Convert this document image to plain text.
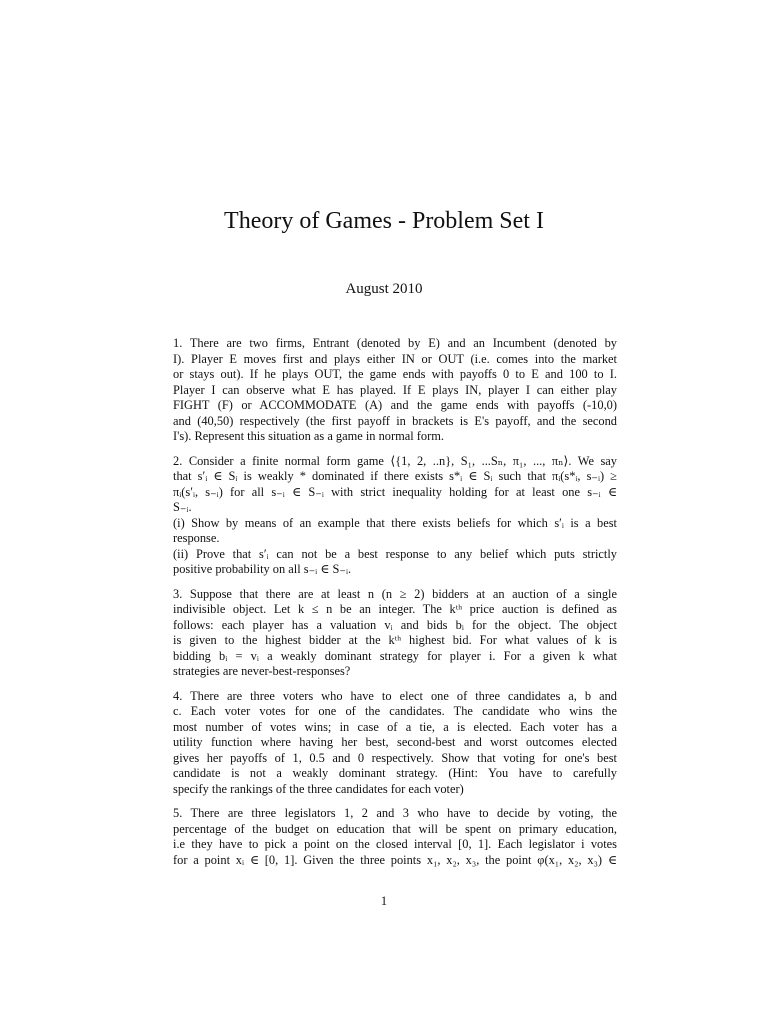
Theory of Games - Problem Set I
August 2010
1. There are two firms, Entrant (denoted by E) and an Incumbent (denoted by
I). Player E moves first and plays either IN or OUT (i.e. comes into the market
or stays out). If he plays OUT, the game ends with payoffs 0 to E and 100 to I.
Player I can observe what E has played. If E plays IN, player I can either play
FIGHT (F) or ACCOMMODATE (A) and the game ends with payoffs (-10,0)
and (40,50) respectively (the first payoff in brackets is E's payoff, and the second
I's). Represent this situation as a game in normal form.
2. Consider a finite normal form game ⟨{1, 2, ..n}, S₁, ...Sₙ, π₁, ..., πₙ⟩. We say
that s′ᵢ ∈ Sᵢ is weakly * dominated if there exists s*ᵢ ∈ Sᵢ such that πᵢ(s*ᵢ, s₋ᵢ) ≥
πᵢ(s′ᵢ, s₋ᵢ) for all s₋ᵢ ∈ S₋ᵢ with strict inequality holding for at least one s₋ᵢ ∈
S₋ᵢ.
(i) Show by means of an example that there exists beliefs for which s′ᵢ is a best
response.
(ii) Prove that s′ᵢ can not be a best response to any belief which puts strictly
positive probability on all s₋ᵢ ∈ S₋ᵢ.
3. Suppose that there are at least n (n ≥ 2) bidders at an auction of a single
indivisible object. Let k ≤ n be an integer. The kᵗʰ price auction is defined as
follows: each player has a valuation vᵢ and bids bᵢ for the object. The object
is given to the highest bidder at the kᵗʰ highest bid. For what values of k is
bidding bᵢ = vᵢ a weakly dominant strategy for player i. For a given k what
strategies are never-best-responses?
4. There are three voters who have to elect one of three candidates a, b and
c. Each voter votes for one of the candidates. The candidate who wins the
most number of votes wins; in case of a tie, a is elected. Each voter has a
utility function where having her best, second-best and worst outcomes elected
gives her payoffs of 1, 0.5 and 0 respectively. Show that voting for one's best
candidate is not a weakly dominant strategy. (Hint: You have to carefully
specify the rankings of the three candidates for each voter)
5. There are three legislators 1, 2 and 3 who have to decide by voting, the
percentage of the budget on education that will be spent on primary education,
i.e they have to pick a point on the closed interval [0, 1]. Each legislator i votes
for a point xᵢ ∈ [0, 1]. Given the three points x₁, x₂, x₃, the point φ(x₁, x₂, x₃) ∈
1
